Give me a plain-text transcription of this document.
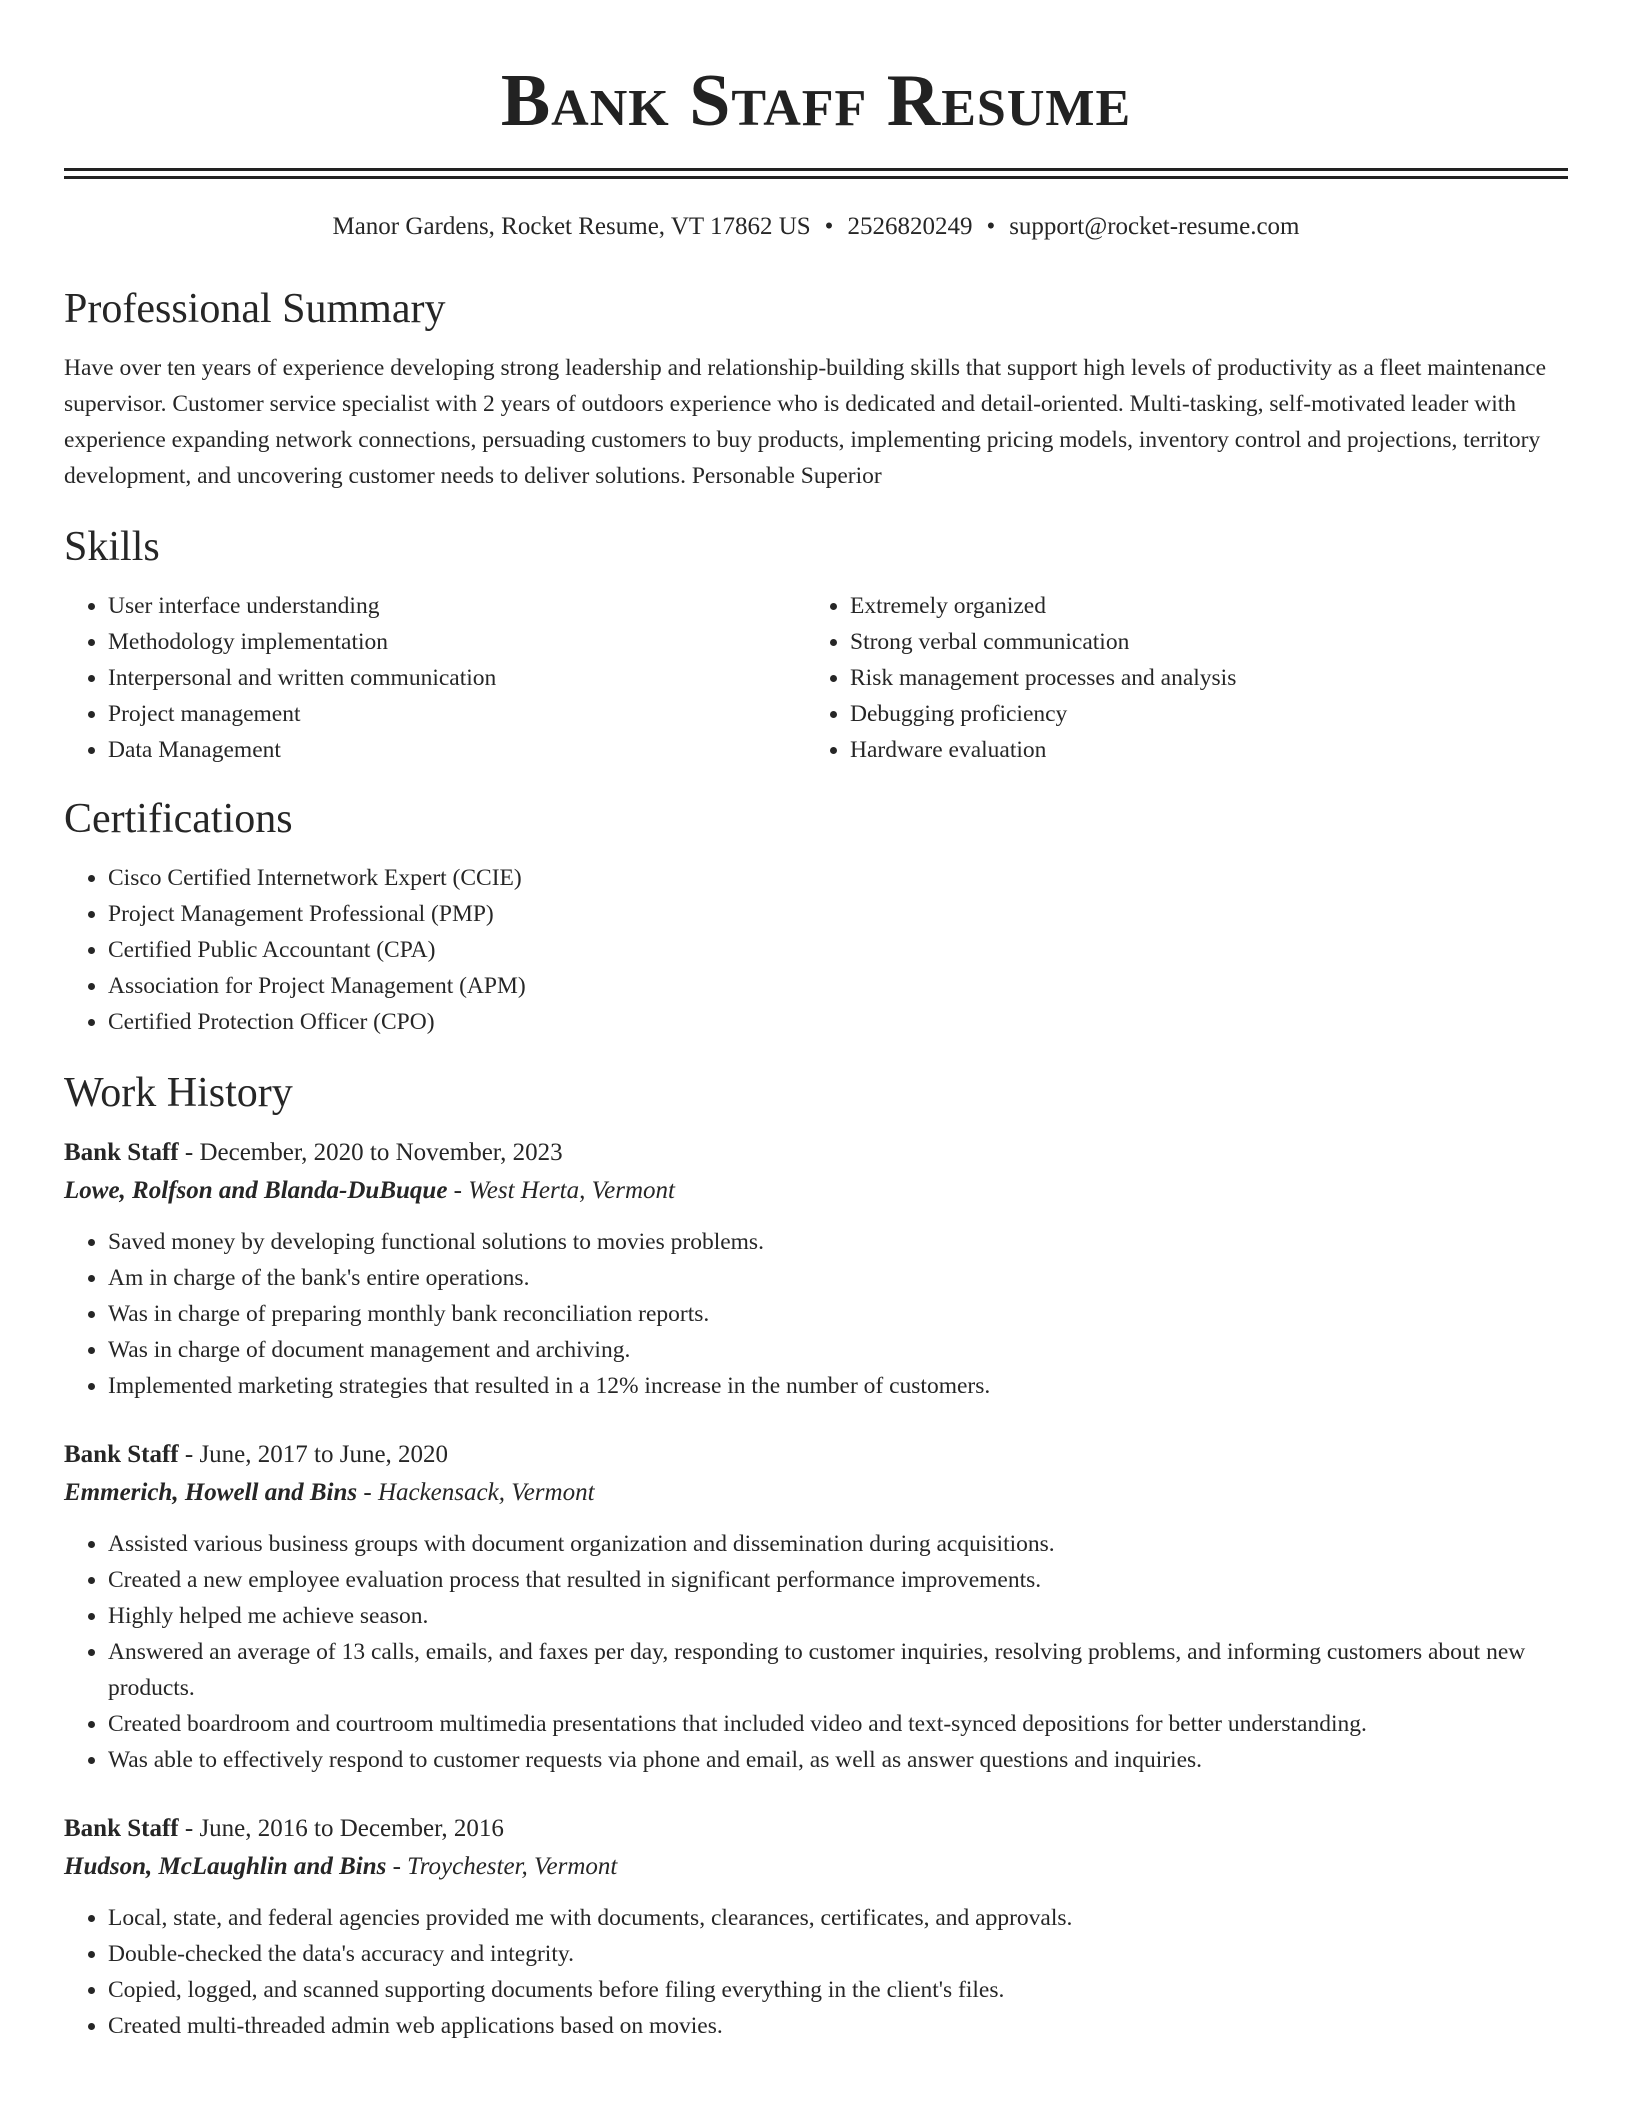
Bank Staff Resume
Manor Gardens, Rocket Resume, VT 17862 US • 2526820249 • support@rocket-resume.com
Professional Summary

Have over ten years of experience developing strong leadership and relationship-building skills that support high levels of productivity as a fleet maintenance supervisor. Customer service specialist with 2 years of outdoors experience who is dedicated and detail-oriented. Multi-tasking, self-motivated leader with experience expanding network connections, persuading customers to buy products, implementing pricing models, inventory control and projections, territory development, and uncovering customer needs to deliver solutions. Personable Superior

Skills
• User interface understanding
• Methodology implementation
• Interpersonal and written communication
• Project management
• Data Management
• Extremely organized
• Strong verbal communication
• Risk management processes and analysis
• Debugging proficiency
• Hardware evaluation
Certifications
• Cisco Certified Internetwork Expert (CCIE)
• Project Management Professional (PMP)
• Certified Public Accountant (CPA)
• Association for Project Management (APM)
• Certified Protection Officer (CPO)
Work History
Bank Staff - December, 2020 to November, 2023
Lowe, Rolfson and Blanda-DuBuque - West Herta, Vermont
• Saved money by developing functional solutions to movies problems.
• Am in charge of the bank's entire operations.
• Was in charge of preparing monthly bank reconciliation reports.
• Was in charge of document management and archiving.
• Implemented marketing strategies that resulted in a 12% increase in the number of customers.
Bank Staff - June, 2017 to June, 2020
Emmerich, Howell and Bins - Hackensack, Vermont
• Assisted various business groups with document organization and dissemination during acquisitions.
• Created a new employee evaluation process that resulted in significant performance improvements.
• Highly helped me achieve season.
• Answered an average of 13 calls, emails, and faxes per day, responding to customer inquiries, resolving problems, and informing customers about new products.
• Created boardroom and courtroom multimedia presentations that included video and text-synced depositions for better understanding.
• Was able to effectively respond to customer requests via phone and email, as well as answer questions and inquiries.
Bank Staff - June, 2016 to December, 2016
Hudson, McLaughlin and Bins - Troychester, Vermont
• Local, state, and federal agencies provided me with documents, clearances, certificates, and approvals.
• Double-checked the data's accuracy and integrity.
• Copied, logged, and scanned supporting documents before filing everything in the client's files.
• Created multi-threaded admin web applications based on movies.
